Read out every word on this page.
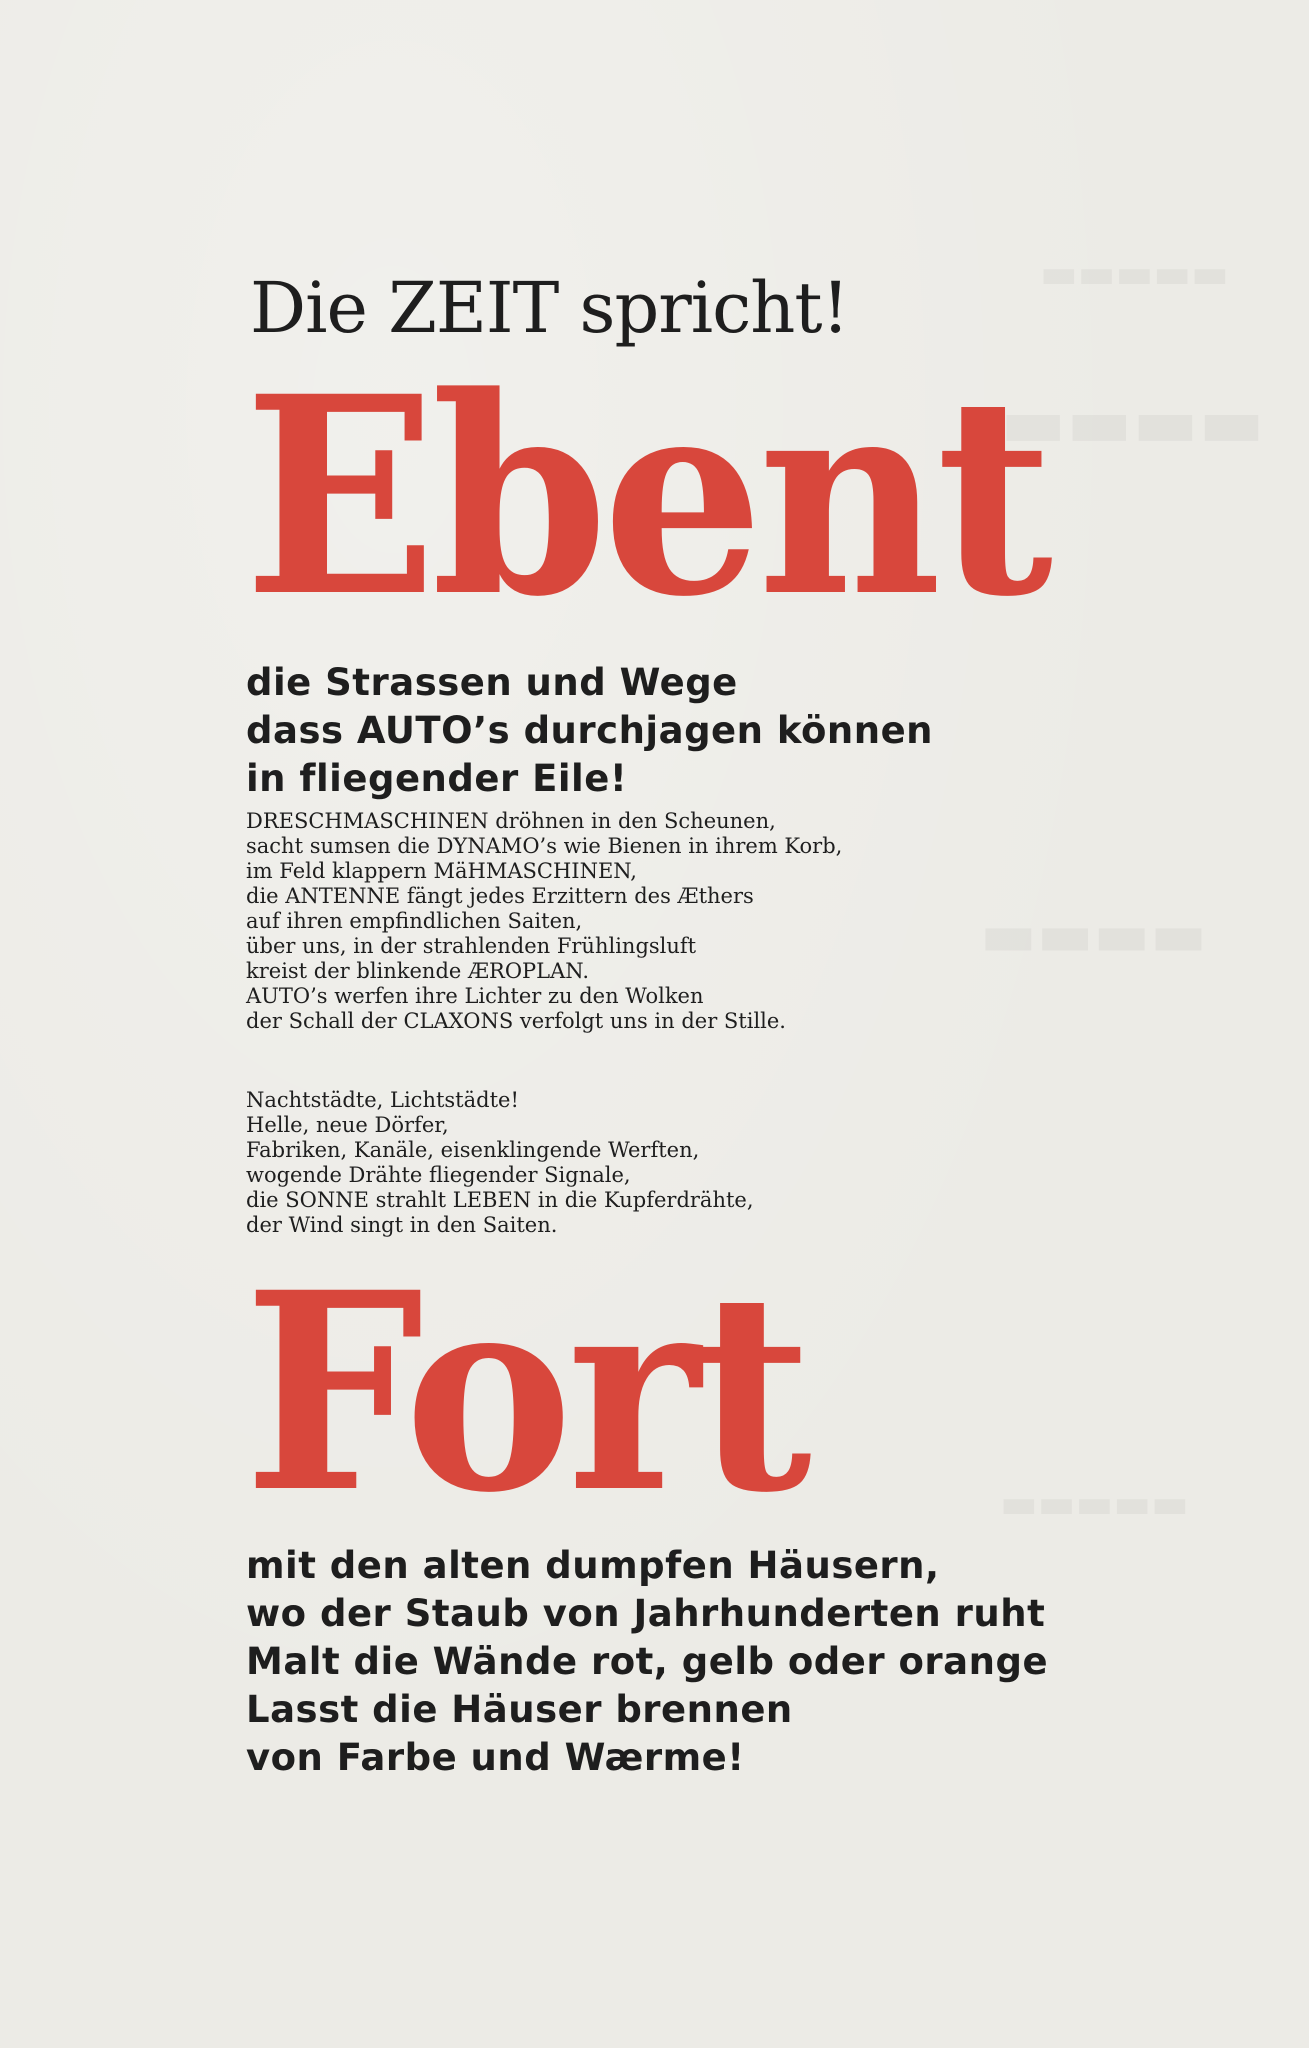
▬▬▬▬▬
▬▬▬▬
▬▬▬▬
▬▬▬▬▬
Die ZEIT spricht!
Ebent
die Strassen und Wege
dass AUTO’s durchjagen können
in fliegender Eile!
DRESCHMASCHINEN dröhnen in den Scheunen,
sacht sumsen die DYNAMO’s wie Bienen in ihrem Korb,
im Feld klappern MäHMASCHINEN,
die ANTENNE fängt jedes Erzittern des Æthers
auf ihren empfindlichen Saiten,
über uns, in der strahlenden Frühlingsluft
kreist der blinkende ÆROPLAN.
AUTO’s werfen ihre Lichter zu den Wolken
der Schall der CLAXONS verfolgt uns in der Stille.
Nachtstädte, Lichtstädte!
Helle, neue Dörfer,
Fabriken, Kanäle, eisenklingende Werften,
wogende Drähte fliegender Signale,
die SONNE strahlt LEBEN in die Kupferdrähte,
der Wind singt in den Saiten.
Fort
mit den alten dumpfen Häusern,
wo der Staub von Jahrhunderten ruht
Malt die Wände rot, gelb oder orange
Lasst die Häuser brennen
von Farbe und Wærme!
